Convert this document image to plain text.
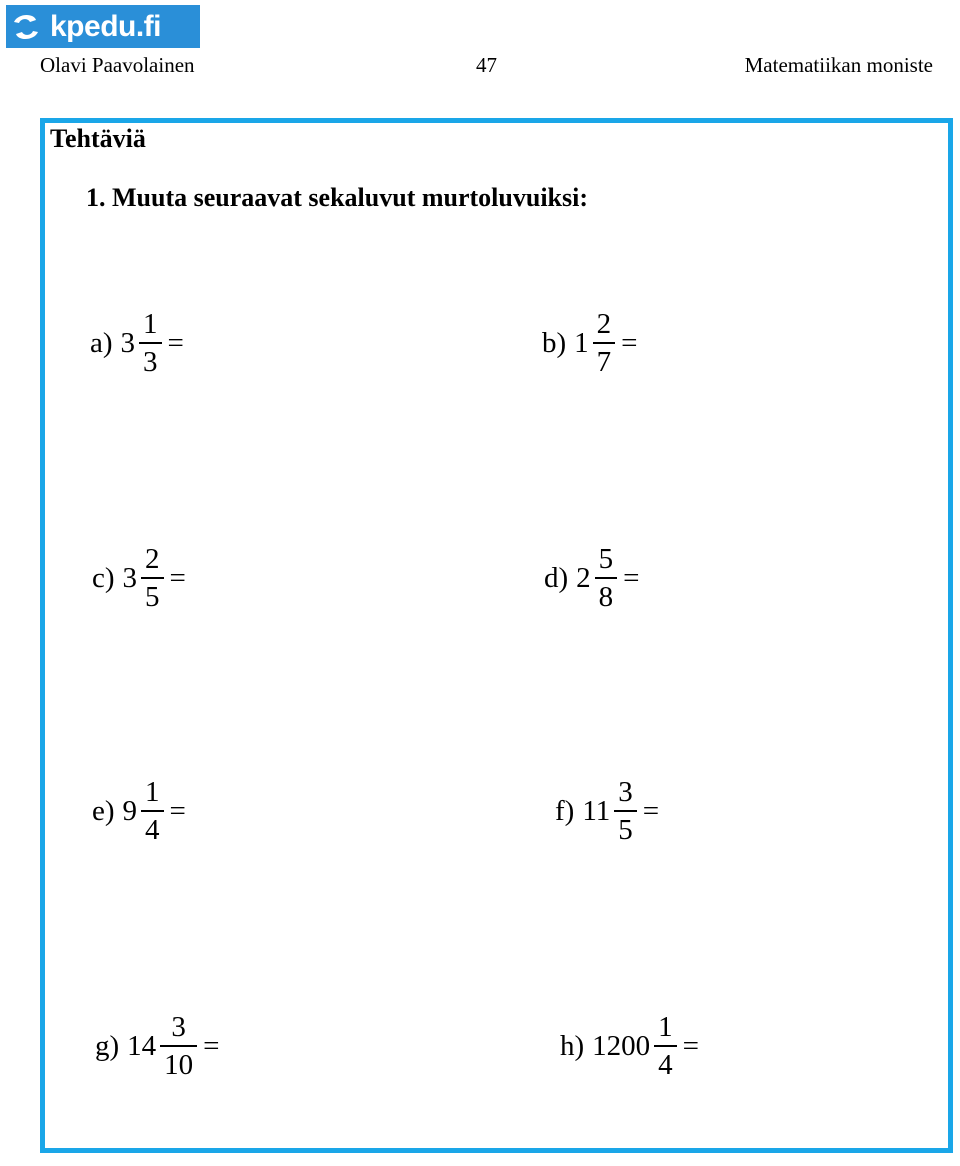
kpedu.fi
Olavi Paavolainen	47	Matematiikan moniste
Tehtäviä
1. Muuta seuraavat sekaluvut murtoluvuiksi:
a) $3 \frac{1}{3}$ =	b) $1 \frac{2}{7}$ =
c) $3 \frac{2}{5}$ =	d) $2 \frac{5}{8}$ =
e) $9 \frac{1}{4}$ =	f) $11 \frac{3}{5}$ =
g) $14 \frac{3}{10}$ =	h) $1200 \frac{1}{4}$ =
